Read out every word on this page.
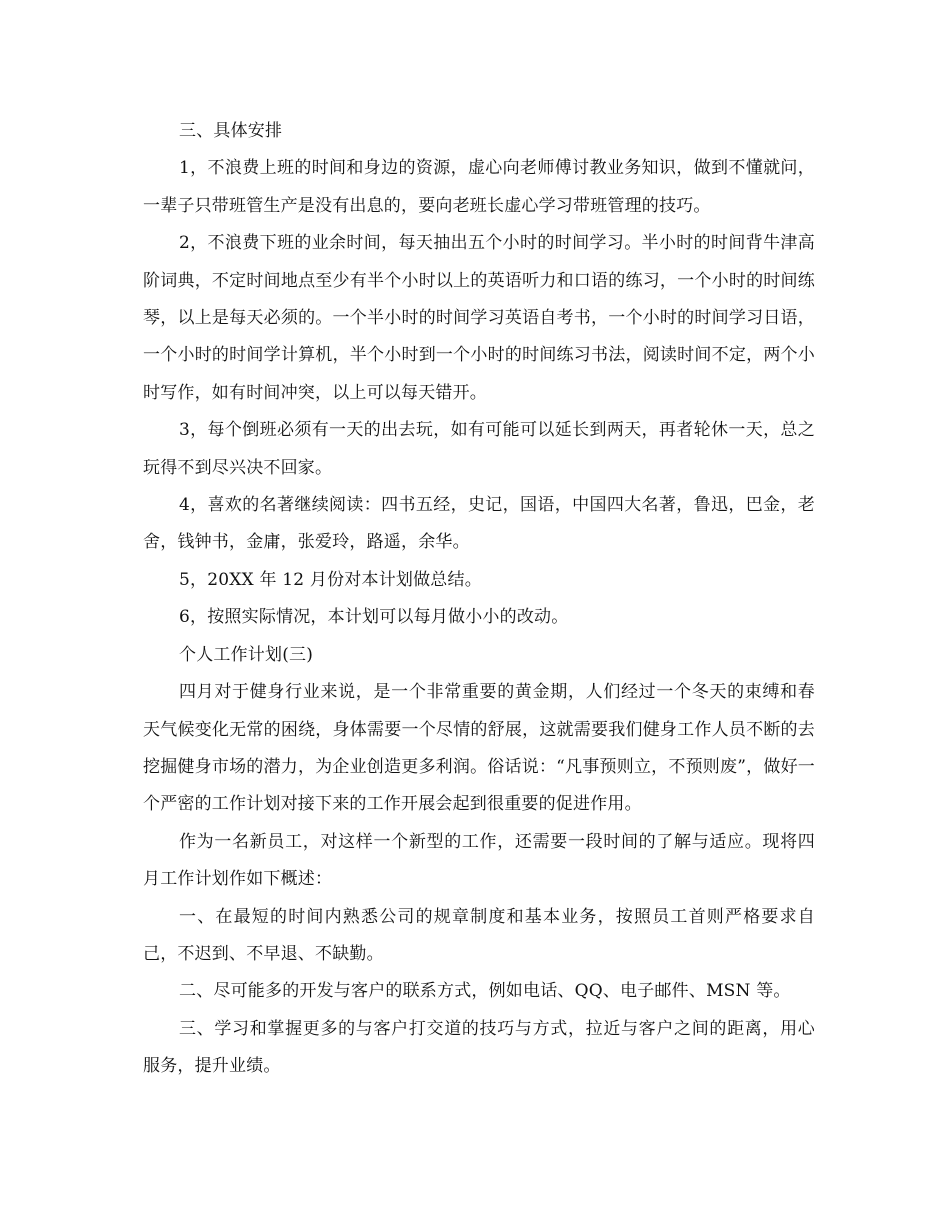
三、具体安排

1，不浪费上班的时间和身边的资源，虚心向老师傅讨教业务知识，做到不懂就问，一辈子只带班管生产是没有出息的，要向老班长虚心学习带班管理的技巧。

2，不浪费下班的业余时间，每天抽出五个小时的时间学习。半小时的时间背牛津高阶词典，不定时间地点至少有半个小时以上的英语听力和口语的练习，一个小时的时间练琴，以上是每天必须的。一个半小时的时间学习英语自考书，一个小时的时间学习日语，一个小时的时间学计算机，半个小时到一个小时的时间练习书法，阅读时间不定，两个小时写作，如有时间冲突，以上可以每天错开。

3，每个倒班必须有一天的出去玩，如有可能可以延长到两天，再者轮休一天，总之玩得不到尽兴决不回家。

4，喜欢的名著继续阅读：四书五经，史记，国语，中国四大名著，鲁迅，巴金，老舍，钱钟书，金庸，张爱玲，路遥，余华。

5，20XX 年 12 月份对本计划做总结。

6，按照实际情况，本计划可以每月做小小的改动。

个人工作计划(三)

四月对于健身行业来说，是一个非常重要的黄金期，人们经过一个冬天的束缚和春天气候变化无常的困绕，身体需要一个尽情的舒展，这就需要我们健身工作人员不断的去挖掘健身市场的潜力，为企业创造更多利润。俗话说：“凡事预则立，不预则废”，做好一个严密的工作计划对接下来的工作开展会起到很重要的促进作用。

作为一名新员工，对这样一个新型的工作，还需要一段时间的了解与适应。现将四月工作计划作如下概述：

一、在最短的时间内熟悉公司的规章制度和基本业务，按照员工首则严格要求自己，不迟到、不早退、不缺勤。

二、尽可能多的开发与客户的联系方式，例如电话、QQ、电子邮件、MSN 等。

三、学习和掌握更多的与客户打交道的技巧与方式，拉近与客户之间的距离，用心服务，提升业绩。
